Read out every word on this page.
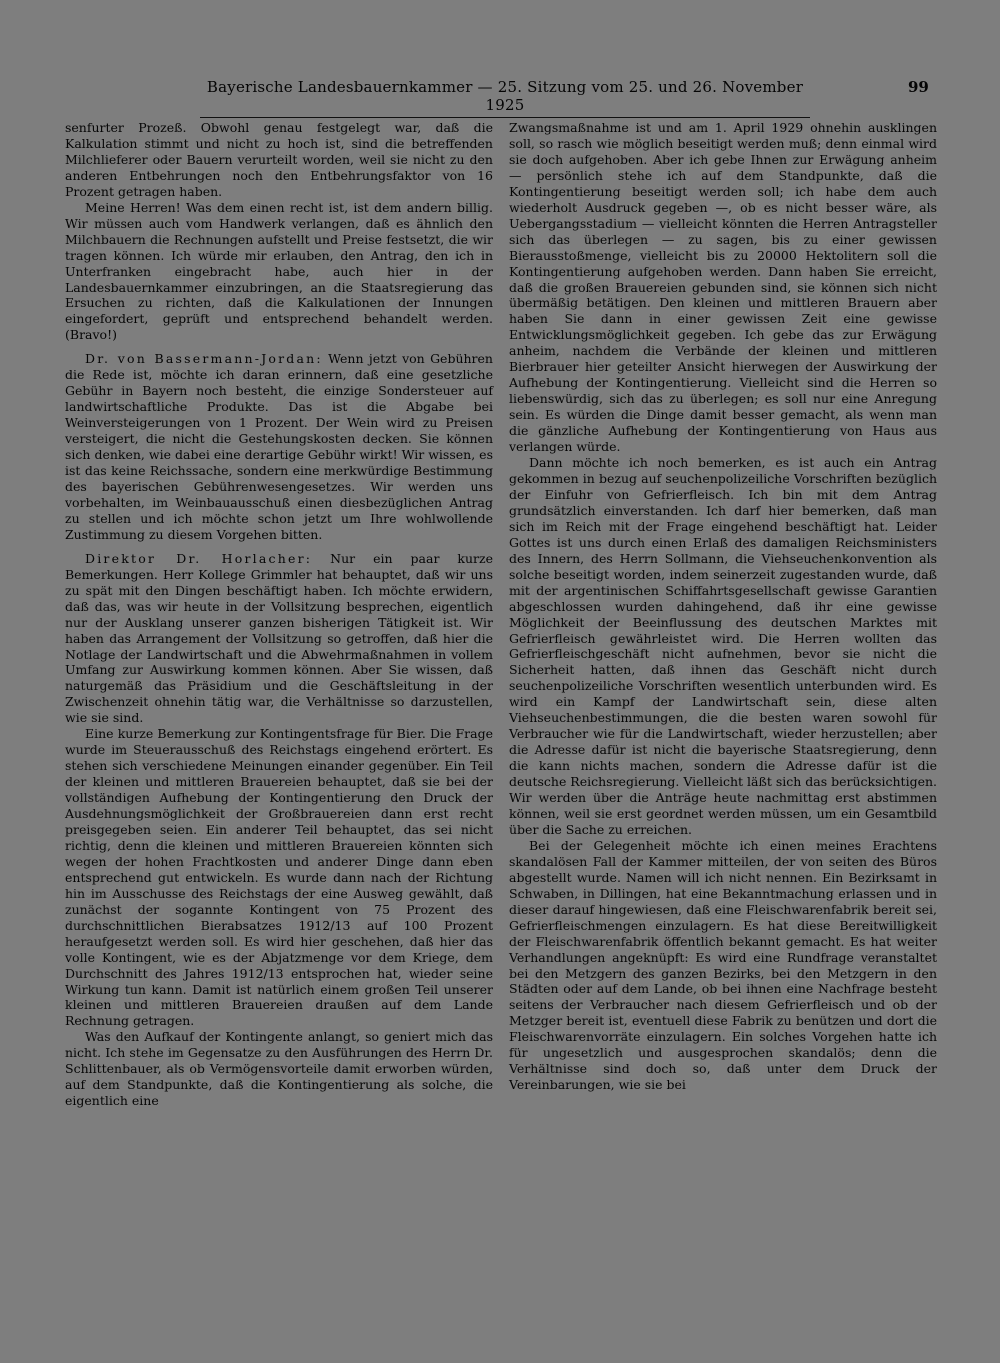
Bayerische Landesbauernkammer — 25. Sitzung vom 25. und 26. November 1925
99

senfurter Prozeß. Obwohl genau festgelegt war, daß die Kalkulation stimmt und nicht zu hoch ist, sind die betreffenden Milchlieferer oder Bauern verurteilt worden, weil sie nicht zu den anderen Entbehrungen noch den Entbehrungsfaktor von 16 Prozent getragen haben.

Meine Herren! Was dem einen recht ist, ist dem andern billig. Wir müssen auch vom Handwerk verlangen, daß es ähnlich den Milchbauern die Rechnungen aufstellt und Preise festsetzt, die wir tragen können. Ich würde mir erlauben, den Antrag, den ich in Unterfranken eingebracht habe, auch hier in der Landesbauernkammer einzubringen, an die Staatsregierung das Ersuchen zu richten, daß die Kalkulationen der Innungen eingefordert, geprüft und entsprechend behandelt werden. (Bravo!)

Dr. von Bassermann-Jordan: Wenn jetzt von Gebühren die Rede ist, möchte ich daran erinnern, daß eine gesetzliche Gebühr in Bayern noch besteht, die einzige Sondersteuer auf landwirtschaftliche Produkte. Das ist die Abgabe bei Weinversteigerungen von 1 Prozent. Der Wein wird zu Preisen versteigert, die nicht die Gestehungskosten decken. Sie können sich denken, wie dabei eine derartige Gebühr wirkt! Wir wissen, es ist das keine Reichssache, sondern eine merkwürdige Bestimmung des bayerischen Gebührenwesengesetzes. Wir werden uns vorbehalten, im Weinbauausschuß einen diesbezüglichen Antrag zu stellen und ich möchte schon jetzt um Ihre wohlwollende Zustimmung zu diesem Vorgehen bitten.

Direktor Dr. Horlacher: Nur ein paar kurze Bemerkungen. Herr Kollege Grimmler hat behauptet, daß wir uns zu spät mit den Dingen beschäftigt haben. Ich möchte erwidern, daß das, was wir heute in der Vollsitzung besprechen, eigentlich nur der Ausklang unserer ganzen bisherigen Tätigkeit ist. Wir haben das Arrangement der Vollsitzung so getroffen, daß hier die Notlage der Landwirtschaft und die Abwehrmaßnahmen in vollem Umfang zur Auswirkung kommen können. Aber Sie wissen, daß naturgemäß das Präsidium und die Geschäftsleitung in der Zwischenzeit ohnehin tätig war, die Verhältnisse so darzustellen, wie sie sind.

Eine kurze Bemerkung zur Kontingentsfrage für Bier. Die Frage wurde im Steuerausschuß des Reichstags eingehend erörtert. Es stehen sich verschiedene Meinungen einander gegenüber. Ein Teil der kleinen und mittleren Brauereien behauptet, daß sie bei der vollständigen Aufhebung der Kontingentierung den Druck der Ausdehnungsmöglichkeit der Großbrauereien dann erst recht preisgegeben seien. Ein anderer Teil behauptet, das sei nicht richtig, denn die kleinen und mittleren Brauereien könnten sich wegen der hohen Frachtkosten und anderer Dinge dann eben entsprechend gut entwickeln. Es wurde dann nach der Richtung hin im Ausschusse des Reichstags der eine Ausweg gewählt, daß zunächst der sogannte Kontingent von 75 Prozent des durchschnittlichen Bierabsatzes 1912/13 auf 100 Prozent heraufgesetzt werden soll. Es wird hier geschehen, daß hier das volle Kontingent, wie es der Abjatzmenge vor dem Kriege, dem Durchschnitt des Jahres 1912/13 entsprochen hat, wieder seine Wirkung tun kann. Damit ist natürlich einem großen Teil unserer kleinen und mittleren Brauereien draußen auf dem Lande Rechnung getragen.

Was den Aufkauf der Kontingente anlangt, so geniert mich das nicht. Ich stehe im Gegensatze zu den Ausführungen des Herrn Dr. Schlittenbauer, als ob Vermögensvorteile damit erworben würden, auf dem Standpunkte, daß die Kontingentierung als solche, die eigentlich eine

Zwangsmaßnahme ist und am 1. April 1929 ohnehin ausklingen soll, so rasch wie möglich beseitigt werden muß; denn einmal wird sie doch aufgehoben. Aber ich gebe Ihnen zur Erwägung anheim — persönlich stehe ich auf dem Standpunkte, daß die Kontingentierung beseitigt werden soll; ich habe dem auch wiederholt Ausdruck gegeben —, ob es nicht besser wäre, als Uebergangsstadium — vielleicht könnten die Herren Antragsteller sich das überlegen — zu sagen, bis zu einer gewissen Bierausstoßmenge, vielleicht bis zu 20000 Hektolitern soll die Kontingentierung aufgehoben werden. Dann haben Sie erreicht, daß die großen Brauereien gebunden sind, sie können sich nicht übermäßig betätigen. Den kleinen und mittleren Brauern aber haben Sie dann in einer gewissen Zeit eine gewisse Entwicklungsmöglichkeit gegeben. Ich gebe das zur Erwägung anheim, nachdem die Verbände der kleinen und mittleren Bierbrauer hier geteilter Ansicht hierwegen der Auswirkung der Aufhebung der Kontingentierung. Vielleicht sind die Herren so liebenswürdig, sich das zu überlegen; es soll nur eine Anregung sein. Es würden die Dinge damit besser gemacht, als wenn man die gänzliche Aufhebung der Kontingentierung von Haus aus verlangen würde.

Dann möchte ich noch bemerken, es ist auch ein Antrag gekommen in bezug auf seuchenpolizeiliche Vorschriften bezüglich der Einfuhr von Gefrierfleisch. Ich bin mit dem Antrag grundsätzlich einverstanden. Ich darf hier bemerken, daß man sich im Reich mit der Frage eingehend beschäftigt hat. Leider Gottes ist uns durch einen Erlaß des damaligen Reichsministers des Innern, des Herrn Sollmann, die Viehseuchenkonvention als solche beseitigt worden, indem seinerzeit zugestanden wurde, daß mit der argentinischen Schiffahrtsgesellschaft gewisse Garantien abgeschlossen wurden dahingehend, daß ihr eine gewisse Möglichkeit der Beeinflussung des deutschen Marktes mit Gefrierfleisch gewährleistet wird. Die Herren wollten das Gefrierfleischgeschäft nicht aufnehmen, bevor sie nicht die Sicherheit hatten, daß ihnen das Geschäft nicht durch seuchenpolizeiliche Vorschriften wesentlich unterbunden wird. Es wird ein Kampf der Landwirtschaft sein, diese alten Viehseuchenbestimmungen, die die besten waren sowohl für Verbraucher wie für die Landwirtschaft, wieder herzustellen; aber die Adresse dafür ist nicht die bayerische Staatsregierung, denn die kann nichts machen, sondern die Adresse dafür ist die deutsche Reichsregierung. Vielleicht läßt sich das berücksichtigen. Wir werden über die Anträge heute nachmittag erst abstimmen können, weil sie erst geordnet werden müssen, um ein Gesamtbild über die Sache zu erreichen.

Bei der Gelegenheit möchte ich einen meines Erachtens skandalösen Fall der Kammer mitteilen, der von seiten des Büros abgestellt wurde. Namen will ich nicht nennen. Ein Bezirksamt in Schwaben, in Dillingen, hat eine Bekanntmachung erlassen und in dieser darauf hingewiesen, daß eine Fleischwarenfabrik bereit sei, Gefrierfleischmengen einzulagern. Es hat diese Bereitwilligkeit der Fleischwarenfabrik öffentlich bekannt gemacht. Es hat weiter Verhandlungen angeknüpft: Es wird eine Rundfrage veranstaltet bei den Metzgern des ganzen Bezirks, bei den Metzgern in den Städten oder auf dem Lande, ob bei ihnen eine Nachfrage besteht seitens der Verbraucher nach diesem Gefrierfleisch und ob der Metzger bereit ist, eventuell diese Fabrik zu benützen und dort die Fleischwarenvorräte einzulagern. Ein solches Vorgehen hatte ich für ungesetzlich und ausgesprochen skandalös; denn die Verhältnisse sind doch so, daß unter dem Druck der Vereinbarungen, wie sie bei
